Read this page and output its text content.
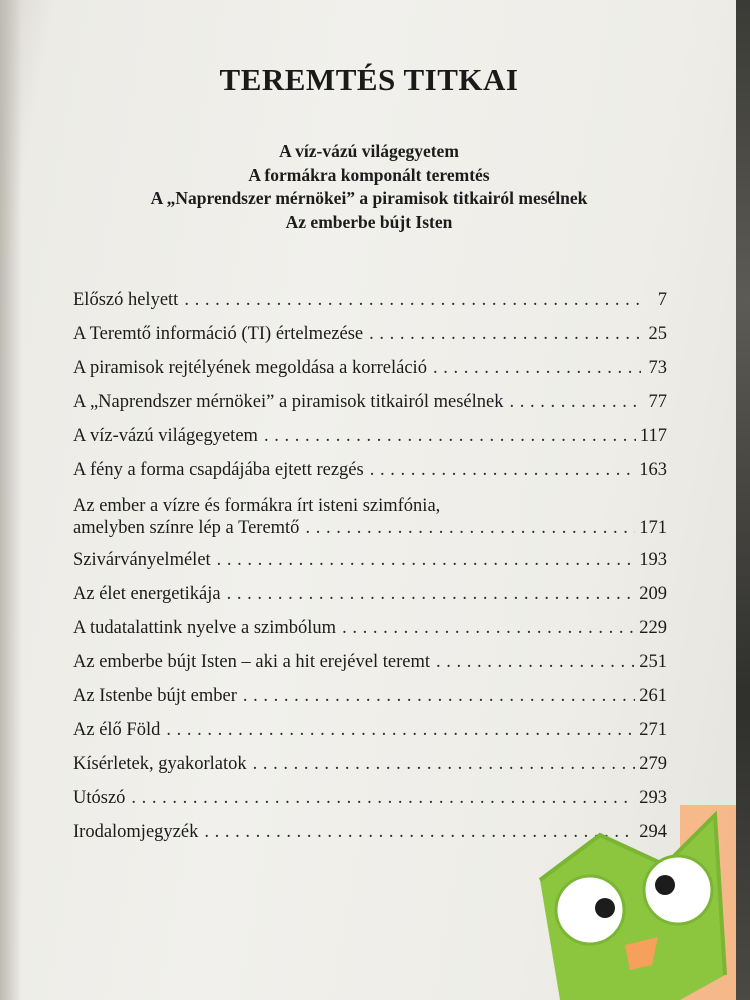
TEREMTÉS TITKAI
A víz-vázú világegyetem
A formákra komponált teremtés
A „Naprendszer mérnökei” a piramisok titkairól mesélnek
Az emberbe bújt Isten
Előszó helyett . . .	7
A Teremtő információ (TI) értelmezése . . .	25
A piramisok rejtélyének megoldása a korreláció . . .	73
A „Naprendszer mérnökei” a piramisok titkairól mesélnek . . .	77
A víz-vázú világegyetem . . .	117
A fény a forma csapdájába ejtett rezgés . . .	163
Az ember a vízre és formákra írt isteni szimfónia,
amelyben színre lép a Teremtő . . .	171
Szivárványelmélet . . .	193
Az élet energetikája . . .	209
A tudatalattink nyelve a szimbólum . . .	229
Az emberbe bújt Isten – aki a hit erejével teremt . . .	251
Az Istenbe bújt ember . . .	261
Az élő Föld . . .	271
Kísérletek, gyakorlatok . . .	279
Utószó . . .	293
Irodalomjegyzék . . .	294
